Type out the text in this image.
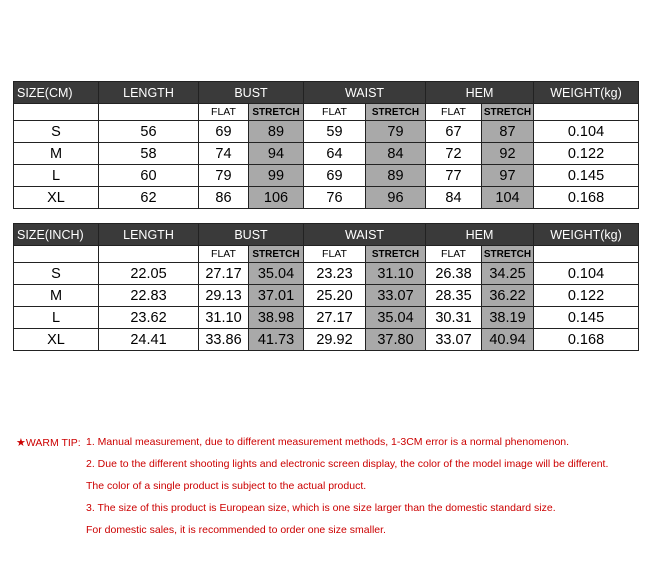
SIZE(CM)	LENGTH	BUST		WAIST		HEM		WEIGHT(kg)
		FLAT	STRETCH	FLAT	STRETCH	FLAT	STRETCH	
S	56	69	89	59	79	67	87	0.104
M	58	74	94	64	84	72	92	0.122
L	60	79	99	69	89	77	97	0.145
XL	62	86	106	76	96	84	104	0.168
SIZE(INCH)	LENGTH	BUST		WAIST		HEM		WEIGHT(kg)
		FLAT	STRETCH	FLAT	STRETCH	FLAT	STRETCH	
S	22.05	27.17	35.04	23.23	31.10	26.38	34.25	0.104
M	22.83	29.13	37.01	25.20	33.07	28.35	36.22	0.122
L	23.62	31.10	38.98	27.17	35.04	30.31	38.19	0.145
XL	24.41	33.86	41.73	29.92	37.80	33.07	40.94	0.168
★WARM TIP: 1. Manual measurement, due to different measurement methods, 1-3CM error is a normal phenomenon.
2. Due to the different shooting lights and electronic screen display, the color of the model image will be different.
The color of a single product is subject to the actual product.
3. The size of this product is European size, which is one size larger than the domestic standard size.
For domestic sales, it is recommended to order one size smaller.
